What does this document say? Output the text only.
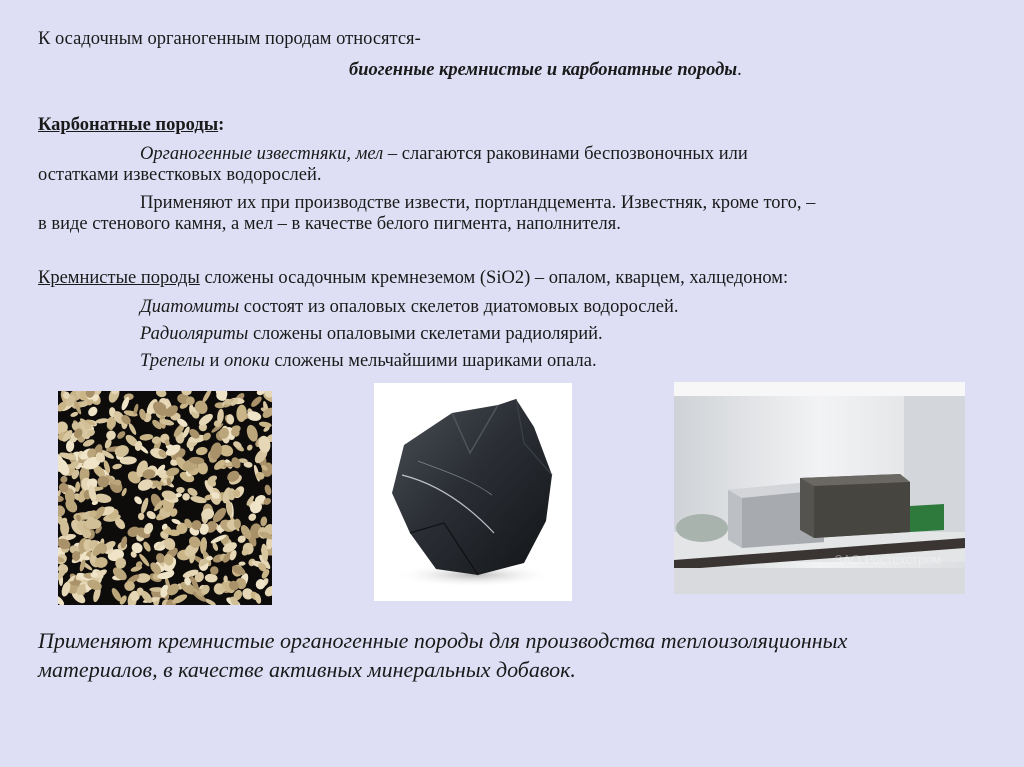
К осадочным органогенным породам относятся-
биогенные кремнистые и карбонатные породы.
Карбонатные породы:
Органогенные известняки, мел – слагаются раковинами беспозвоночных или
остатками известковых водорослей.
Применяют их при производстве извести, портландцемента. Известняк, кроме того, –
в виде стенового камня, а мел – в качестве белого пигмента, наполнителя.
Кремнистые породы сложены осадочным кремнеземом (SiO2) – опалом, кварцем, халцедоном:
Диатомиты состоят из опаловых скелетов диатомовых водорослей.
Радиоляриты сложены опаловыми скелетами радиолярий.
Трепелы и опоки сложены мельчайшими шариками опала.
ЗАО Ростехстром
Применяют кремнистые органогенные породы для производства теплоизоляционных
материалов, в качестве активных минеральных добавок.
